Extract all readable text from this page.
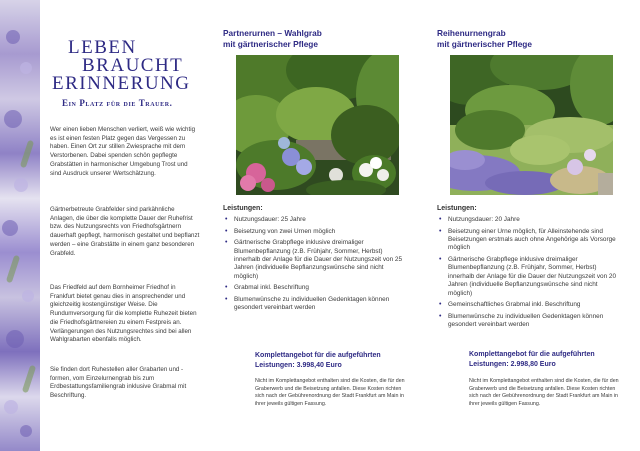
LEBEN
BRAUCHT
ERINNERUNG
Ein Platz für die Trauer.

Wer einen lieben Menschen verliert, weiß wie wichtig es ist einen festen Platz gegen das Vergessen zu haben. Einen Ort zur stillen Zwiesprache mit dem Verstorbenen. Dabei spenden schön gepflegte Grabstätten in harmonischer Umgebung Trost und sind Ausdruck unserer Wertschätzung.

Gärtnerbetreute Grabfelder sind parkähnliche Anlagen, die über die komplette Dauer der Ruhefrist bzw. des Nutzungsrechts von Friedhofsgärtnern dauerhaft gepflegt, harmonisch gestaltet und bepflanzt werden – eine Grabstätte in einem ganz besonderen Grabfeld.

Das Friedfeld auf dem Bornheimer Friedhof in Frankfurt bietet genau dies in ansprechender und gleichzeitig kostengünstiger Weise. Die Rundumversorgung für die komplette Ruhezeit bieten die Friedhofsgärtnereien zu einem Festpreis an. Verlängerungen des Nutzungsrechtes sind bei allen Wahlgrabarten ebenfalls möglich.

Sie finden dort Ruhestellen aller Grabarten und -formen, vom Einzelurnengrab bis zum Erdbestattungsfamiliengrab inklusive Grabmal mit Beschriftung.

Partnerurnen – Wahlgrab
mit gärtnerischer Pflege
Leistungen:
• Nutzungsdauer: 25 Jahre
• Beisetzung von zwei Urnen möglich
• Gärtnerische Grabpflege inklusive dreimaliger Blumenbepflanzung (z.B. Frühjahr, Sommer, Herbst) innerhalb der Anlage für die Dauer der Nutzungszeit von 25 Jahren (individuelle Bepflanzungswünsche sind nicht möglich)
• Grabmal inkl. Beschriftung
• Blumenwünsche zu individuellen Gedenktagen können gesondert vereinbart werden
Komplettangebot für die aufgeführten
Leistungen: 3.998,40 Euro
Nicht im Komplettangebot enthalten sind die Kosten, die für den Graberwerb und die Beisetzung anfallen. Diese Kosten richten sich nach der Gebührenordnung der Stadt Frankfurt am Main in ihrer jeweils gültigen Fassung.
Reihenurnengrab
mit gärtnerischer Pflege
Leistungen:
• Nutzungsdauer: 20 Jahre
• Beisetzung einer Urne möglich, für Alleinstehende sind Beisetzungen erstmals auch ohne Angehörige als Vorsorge möglich
• Gärtnerische Grabpflege inklusive dreimaliger Blumenbepflanzung (z.B. Frühjahr, Sommer, Herbst) innerhalb der Anlage für die Dauer der Nutzungszeit von 20 Jahren (individuelle Bepflanzungswünsche sind nicht möglich)
• Gemeinschaftliches Grabmal inkl. Beschriftung
• Blumenwünsche zu individuellen Gedenktagen können gesondert vereinbart werden
Komplettangebot für die aufgeführten
Leistungen: 2.998,80 Euro
Nicht im Komplettangebot enthalten sind die Kosten, die für den Graberwerb und die Beisetzung anfallen. Diese Kosten richten sich nach der Gebührenordnung der Stadt Frankfurt am Main in ihrer jeweils gültigen Fassung.
